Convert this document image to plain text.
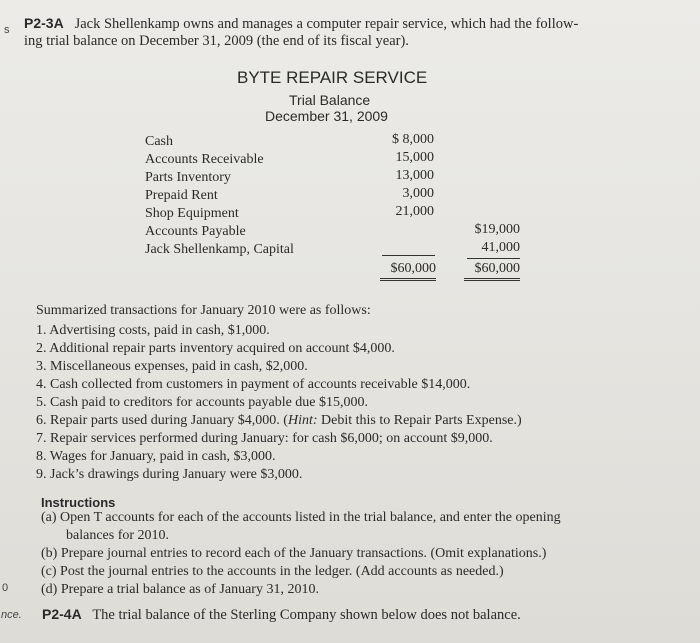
s
0
nce.
P2-3A Jack Shellenkamp owns and manages a computer repair service, which had the follow-
ing trial balance on December 31, 2009 (the end of its fiscal year).
BYTE REPAIR SERVICE
Trial Balance
December 31, 2009
Cash
Accounts Receivable
Parts Inventory
Prepaid Rent
Shop Equipment
Accounts Payable
Jack Shellenkamp, Capital
$ 8,000
15,000
13,000
3,000
21,000
$19,000
41,000
$60,000	$60,000
Summarized transactions for January 2010 were as follows:
1. Advertising costs, paid in cash, $1,000.
2. Additional repair parts inventory acquired on account $4,000.
3. Miscellaneous expenses, paid in cash, $2,000.
4. Cash collected from customers in payment of accounts receivable $14,000.
5. Cash paid to creditors for accounts payable due $15,000.
6. Repair parts used during January $4,000. (Hint: Debit this to Repair Parts Expense.)
7. Repair services performed during January: for cash $6,000; on account $9,000.
8. Wages for January, paid in cash, $3,000.
9. Jack’s drawings during January were $3,000.
Instructions
(a) Open T accounts for each of the accounts listed in the trial balance, and enter the opening
balances for 2010.
(b) Prepare journal entries to record each of the January transactions. (Omit explanations.)
(c) Post the journal entries to the accounts in the ledger. (Add accounts as needed.)
(d) Prepare a trial balance as of January 31, 2010.
P2-4A The trial balance of the Sterling Company shown below does not balance.
